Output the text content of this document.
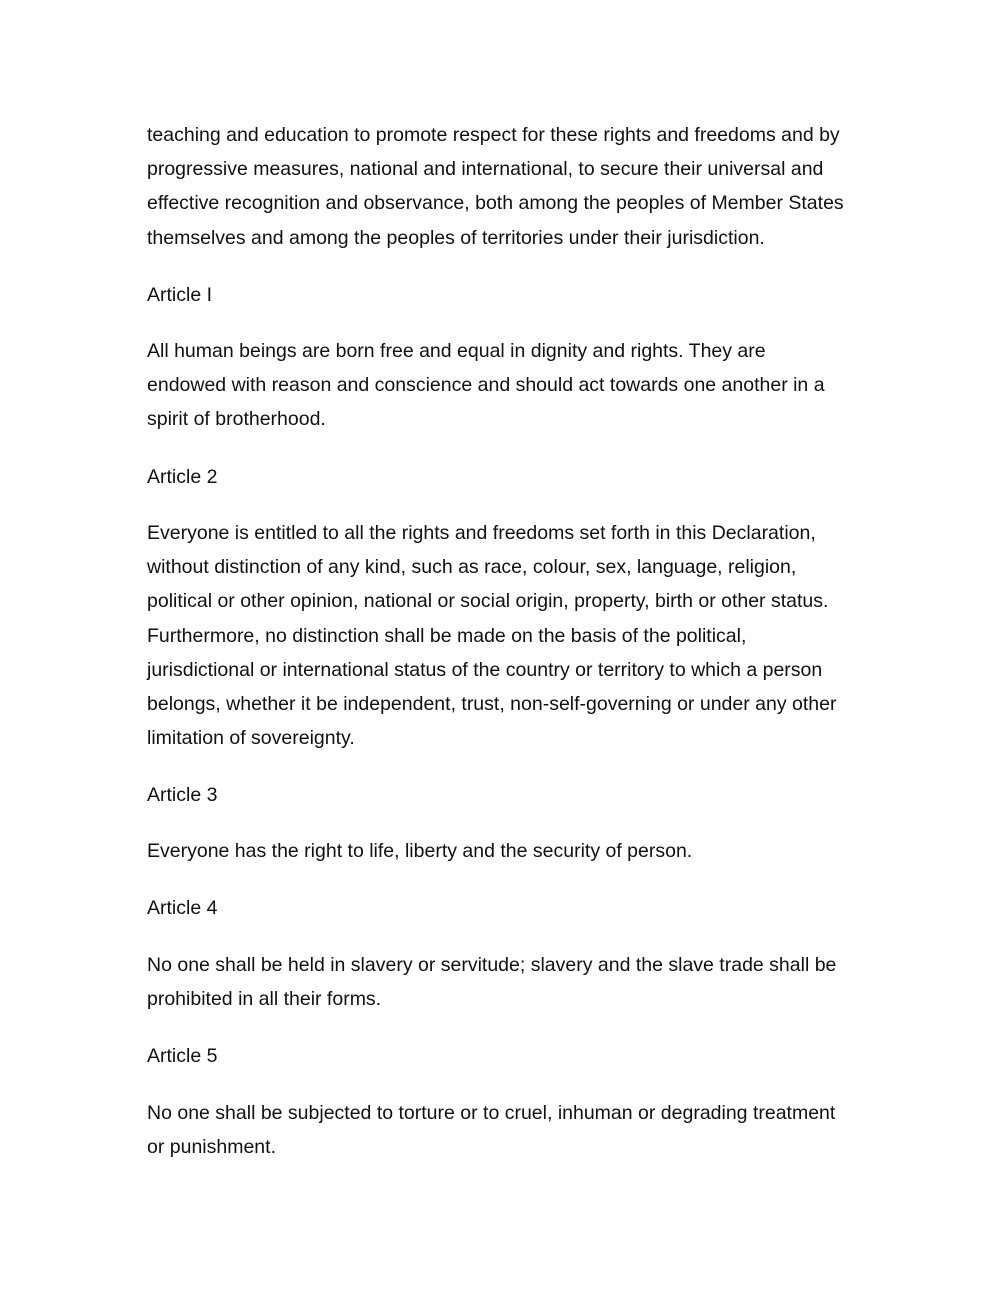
teaching and education to promote respect for these rights and freedoms and by
progressive measures, national and international, to secure their universal and
effective recognition and observance, both among the peoples of Member States
themselves and among the peoples of territories under their jurisdiction.

Article I

All human beings are born free and equal in dignity and rights. They are
endowed with reason and conscience and should act towards one another in a
spirit of brotherhood.

Article 2

Everyone is entitled to all the rights and freedoms set forth in this Declaration,
without distinction of any kind, such as race, colour, sex, language, religion,
political or other opinion, national or social origin, property, birth or other status.
Furthermore, no distinction shall be made on the basis of the political,
jurisdictional or international status of the country or territory to which a person
belongs, whether it be independent, trust, non-self-governing or under any other
limitation of sovereignty.

Article 3

Everyone has the right to life, liberty and the security of person.

Article 4

No one shall be held in slavery or servitude; slavery and the slave trade shall be
prohibited in all their forms.

Article 5

No one shall be subjected to torture or to cruel, inhuman or degrading treatment
or punishment.
